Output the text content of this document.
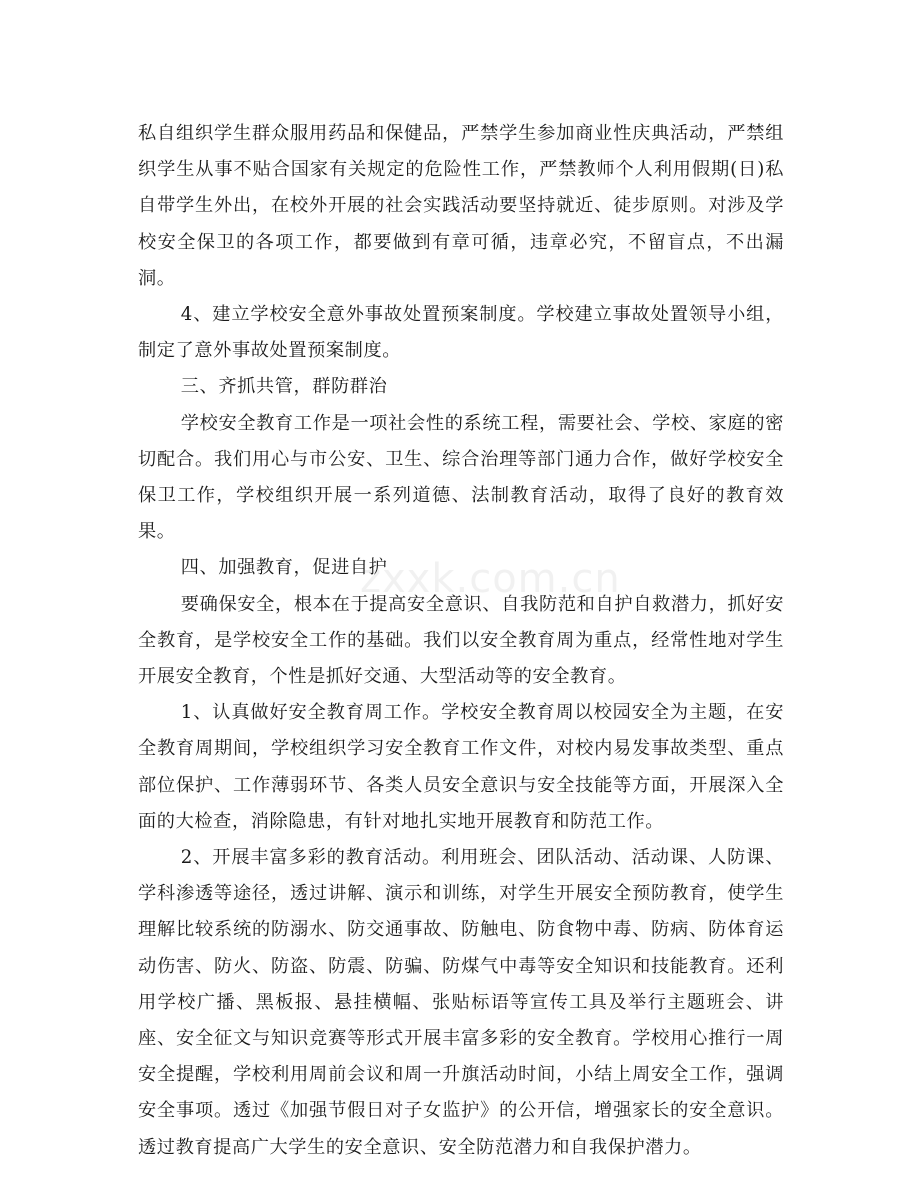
私自组织学生群众服用药品和保健品，严禁学生参加商业性庆典活动，严禁组织学生从事不贴合国家有关规定的危险性工作，严禁教师个人利用假期(日)私自带学生外出，在校外开展的社会实践活动要坚持就近、徒步原则。对涉及学校安全保卫的各项工作，都要做到有章可循，违章必究，不留盲点，不出漏洞。

4、建立学校安全意外事故处置预案制度。学校建立事故处置领导小组，制定了意外事故处置预案制度。

三、齐抓共管，群防群治

学校安全教育工作是一项社会性的系统工程，需要社会、学校、家庭的密切配合。我们用心与市公安、卫生、综合治理等部门通力合作，做好学校安全保卫工作，学校组织开展一系列道德、法制教育活动，取得了良好的教育效果。

四、加强教育，促进自护

要确保安全，根本在于提高安全意识、自我防范和自护自救潜力，抓好安全教育，是学校安全工作的基础。我们以安全教育周为重点，经常性地对学生开展安全教育，个性是抓好交通、大型活动等的安全教育。

1、认真做好安全教育周工作。学校安全教育周以校园安全为主题，在安全教育周期间，学校组织学习安全教育工作文件，对校内易发事故类型、重点部位保护、工作薄弱环节、各类人员安全意识与安全技能等方面，开展深入全面的大检查，消除隐患，有针对地扎实地开展教育和防范工作。

2、开展丰富多彩的教育活动。利用班会、团队活动、活动课、人防课、学科渗透等途径，透过讲解、演示和训练，对学生开展安全预防教育，使学生理解比较系统的防溺水、防交通事故、防触电、防食物中毒、防病、防体育运动伤害、防火、防盗、防震、防骗、防煤气中毒等安全知识和技能教育。还利用学校广播、黑板报、悬挂横幅、张贴标语等宣传工具及举行主题班会、讲座、安全征文与知识竞赛等形式开展丰富多彩的安全教育。学校用心推行一周安全提醒，学校利用周前会议和周一升旗活动时间，小结上周安全工作，强调安全事项。透过《加强节假日对子女监护》的公开信，增强家长的安全意识。透过教育提高广大学生的安全意识、安全防范潜力和自我保护潜力。

zxxk.com.cn
